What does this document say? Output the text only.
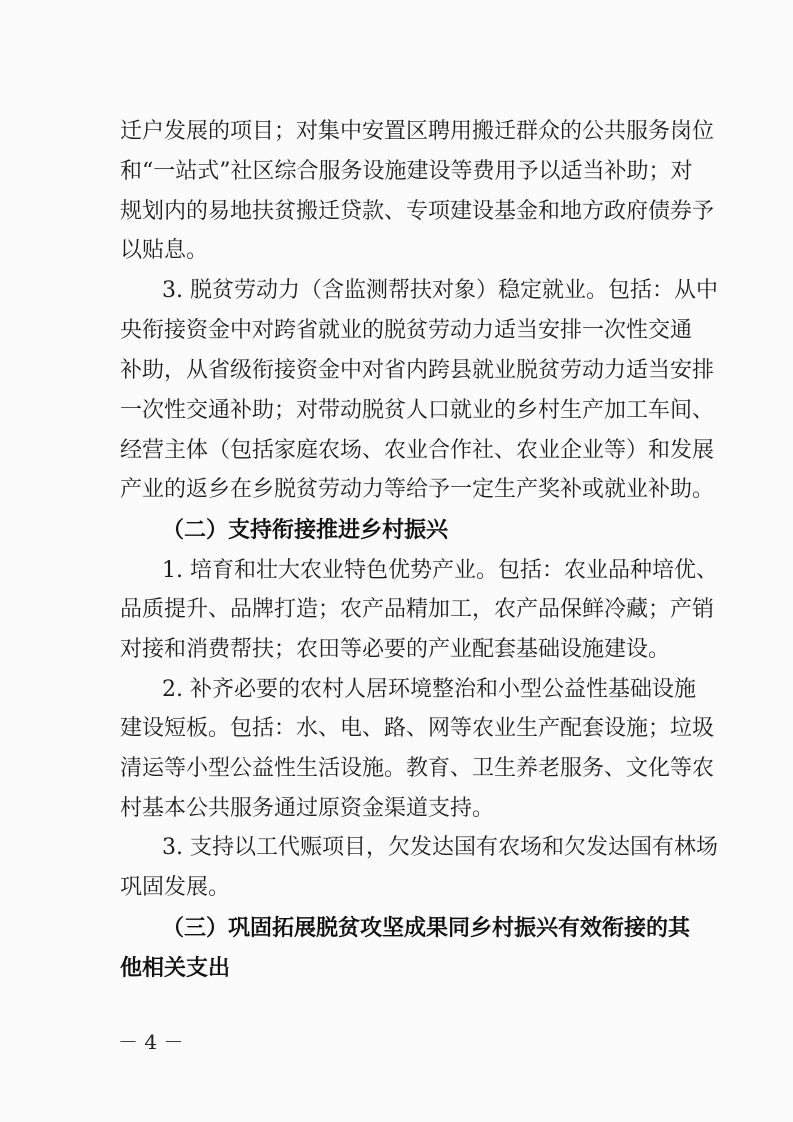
迁户发展的项目；对集中安置区聘用搬迁群众的公共服务岗位
和“一站式”社区综合服务设施建设等费用予以适当补助；对
规划内的易地扶贫搬迁贷款、专项建设基金和地方政府债券予
以贴息。
3. 脱贫劳动力（含监测帮扶对象）稳定就业。包括：从中
央衔接资金中对跨省就业的脱贫劳动力适当安排一次性交通
补助，从省级衔接资金中对省内跨县就业脱贫劳动力适当安排
一次性交通补助；对带动脱贫人口就业的乡村生产加工车间、
经营主体（包括家庭农场、农业合作社、农业企业等）和发展
产业的返乡在乡脱贫劳动力等给予一定生产奖补或就业补助。
（二）支持衔接推进乡村振兴
1. 培育和壮大农业特色优势产业。包括：农业品种培优、
品质提升、品牌打造；农产品精加工，农产品保鲜冷藏；产销
对接和消费帮扶；农田等必要的产业配套基础设施建设。
2. 补齐必要的农村人居环境整治和小型公益性基础设施
建设短板。包括：水、电、路、网等农业生产配套设施；垃圾
清运等小型公益性生活设施。教育、卫生养老服务、文化等农
村基本公共服务通过原资金渠道支持。
3. 支持以工代赈项目，欠发达国有农场和欠发达国有林场
巩固发展。
（三）巩固拓展脱贫攻坚成果同乡村振兴有效衔接的其
他相关支出
－ 4 －
